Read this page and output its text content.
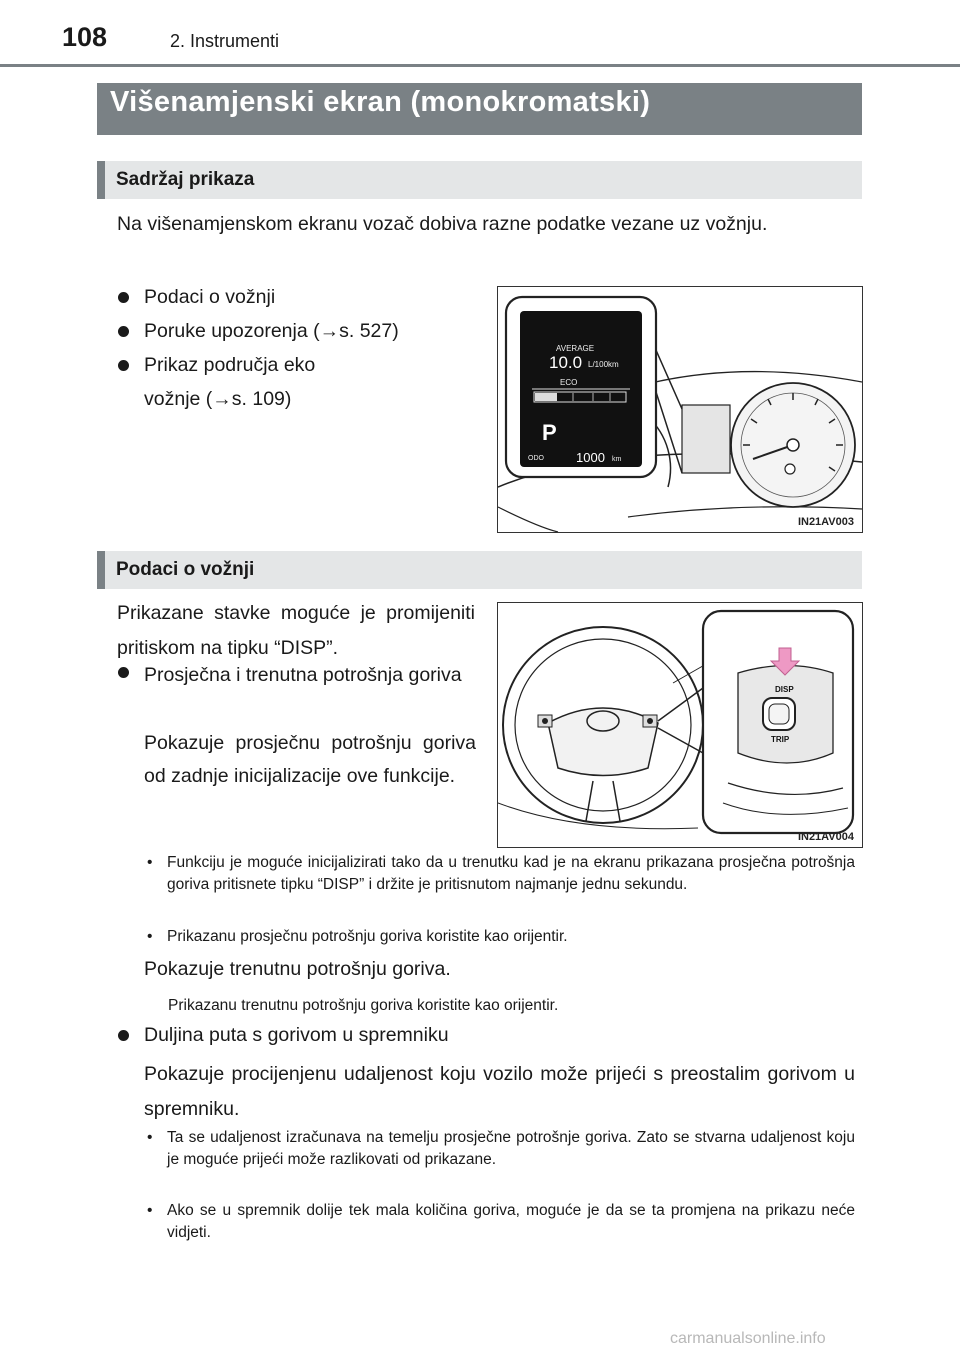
108	2. Instrumenti
Višenamjenski ekran (monokromatski)
Sadržaj prikaza
Na višenamjenskom ekranu vozač dobiva razne podatke vezane uz vožnju.
Podaci o vožnji
Poruke upozorenja (→s. 527)
Prikaz područja eko vožnje (→s. 109)
AVERAGE
10.0 L/100km
ECO
P
ODO 1000 km
IN21AV003
Podaci o vožnji
Prikazane stavke moguće je promijeniti pritiskom na tipku “DISP”.
Prosječna i trenutna potrošnja goriva
Pokazuje prosječnu potrošnju goriva od zadnje inicijalizacije ove funkcije.
DISP
TRIP
IN21AV004
• Funkciju je moguće inicijalizirati tako da u trenutku kad je na ekranu prikazana prosječna potrošnja goriva pritisnete tipku “DISP” i držite je pritisnutom najmanje jednu sekundu.
• Prikazanu prosječnu potrošnju goriva koristite kao orijentir.
Pokazuje trenutnu potrošnju goriva.
Prikazanu trenutnu potrošnju goriva koristite kao orijentir.
Duljina puta s gorivom u spremniku
Pokazuje procijenjenu udaljenost koju vozilo može prijeći s preostalim gorivom u spremniku.
• Ta se udaljenost izračunava na temelju prosječne potrošnje goriva. Zato se stvarna udaljenost koju je moguće prijeći može razlikovati od prikazane.
• Ako se u spremnik dolije tek mala količina goriva, moguće je da se ta promjena na prikazu neće vidjeti.
carmanualsonline.info
